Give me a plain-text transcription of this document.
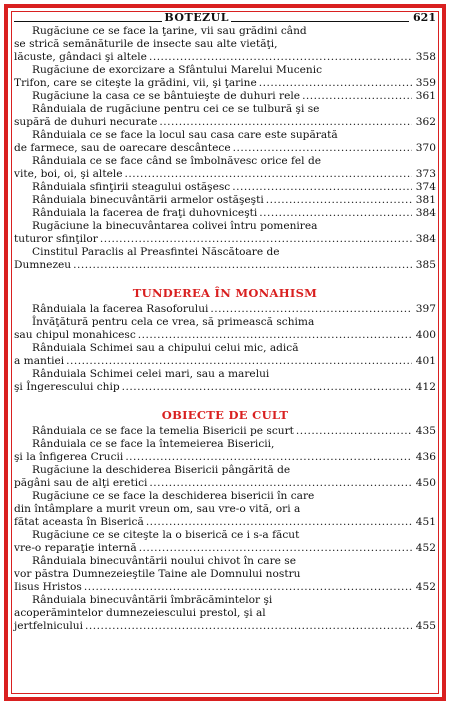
BOTEZUL	621
Rugăciune ce se face la ţarine, vii sau grădini când
se strică semănăturile de insecte sau alte vietăţi,
lăcuste, gândaci şi altele .....	358
Rugăciune de exorcizare a Sfântului Marelui Mucenic
Trifon, care se citeşte la grădini, vii, şi ţarine .....	359
Rugăciune la casa ce se bântuieşte de duhuri rele .....	361
Rânduiala de rugăciune pentru cei ce se tulbură şi se
supără de duhuri necurate .....	362
Rânduiala ce se face la locul sau casa care este supărată
de farmece, sau de oarecare descântece .....	370
Rânduiala ce se face când se îmbolnăvesc orice fel de
vite, boi, oi, şi altele .....	373
Rânduiala sfinţirii steagului ostăşesc .....	374
Rânduiala binecuvântării armelor ostăşeşti .....	381
Rânduiala la facerea de fraţi duhovniceşti .....	384
Rugăciune la binecuvântarea colivei întru pomenirea
tuturor sfinţilor .....	384
Cinstitul Paraclis al Preasfintei Născătoare de
Dumnezeu .....	385
TUNDEREA ÎN MONAHISM
Rânduiala la facerea Rasoforului .....	397
Învăţătură pentru cela ce vrea, să primească schima
sau chipul monahicesc .....	400
Rânduiala Schimei sau a chipului celui mic, adică
a mantiei .....	401
Rânduiala Schimei celei mari, sau a marelui
şi Îngerescului chip .....	412
OBIECTE DE CULT
Rânduiala ce se face la temelia Bisericii pe scurt .....	435
Rânduiala ce se face la întemeierea Bisericii,
şi la înfigerea Crucii .....	436
Rugăciune la deschiderea Bisericii pângărită de
păgâni sau de alţi eretici .....	450
Rugăciune ce se face la deschiderea bisericii în care
din întâmplare a murit vreun om, sau vre-o vită, ori a
fătat aceasta în Biserică .....	451
Rugăciune ce se citeşte la o biserică ce i s-a făcut
vre-o reparaţie internă .....	452
Rânduiala binecuvântării noului chivot în care se
vor păstra Dumnezeieştile Taine ale Domnului nostru
Iisus Hristos .....	452
Rânduiala binecuvântării îmbrăcămintelor şi
acoperămintelor dumnezeiescului prestol, şi al
jertfelnicului .....	455
